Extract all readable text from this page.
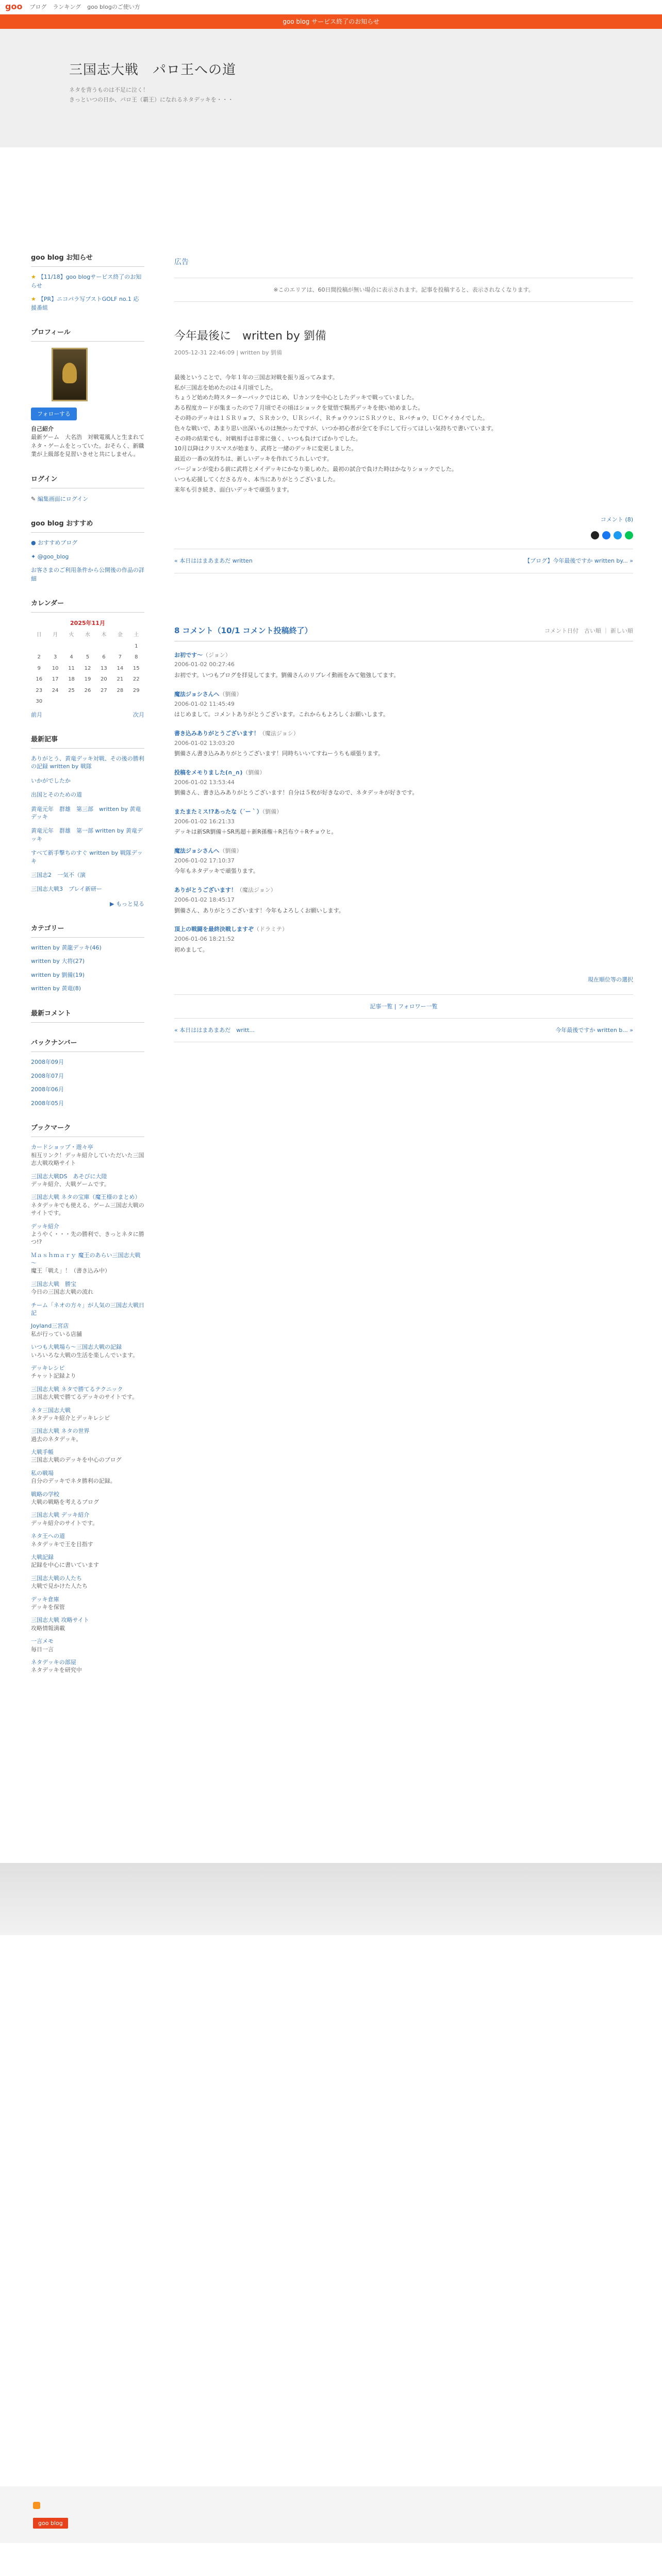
goo ブログ ランキング goo blogのご使い方
goo blog サービス終了のお知らせ
三国志大戦　パロ王への道

ネタを背うものは不足に泣く！
きっといつの日か、パロ王（覇王）になれるネタデッキを・・・

goo blog お知らせ
★ 【11/18】goo blogサービス終了のお知らせ
★ 【PR】ニコパラ写ブストGOLF no.1 応援番組
プロフィール
フォローする
自己紹介
最新ゲーム　大名浩　対戦電風人と生まれてネタ・ゲームをとっていた。おそらく、新職業が上級部を見習いきせと共にしません。
ログイン
✎ 編集画面にログイン
goo blog おすすめ
● おすすめブログ
✦ @goo_blog
お客さまのご利用条件から公開後の作品の詳細
カレンダー
2025年11月
日	月	火	水	木	金	土
						1
2	3	4	5	6	7	8
9	10	11	12	13	14	15
16	17	18	19	20	21	22
23	24	25	26	27	28	29
30						
前月	次月
最新記事
ありがとう、黄竜デッキ対戦、その後の勝利の記録 written by 戦隊
いかがでしたか
出国とそのための道
黄竜元年　群雄　第三部　written by 黄竜デッキ
黄竜元年　群雄　第一部 written by 黄竜デッキ
すべて新手撃ちのすぐ written by 戦隊デッキ
三国志2　一気不（演
三国志大戦3　プレイ新研ー
▶ もっと見る
カテゴリー
written by 黄龍デッキ(46)
written by 大将(27)
written by 劉備(19)
written by 黄竜(8)
最新コメント
バックナンバー
2008年09月
2008年07月
2008年06月
2008年05月
ブックマーク
カードショップ・遊々亭
相互リンク！デッキ紹介していただいた三国志大戦攻略サイト
三国志大戦DS　あそびに大陸
デッキ紹介、大戦ゲームです。
三国志大戦 ネタの宝庫（魔王様のまとめ）
ネタデッキでも使える、ゲーム三国志大戦のサイトです。
デッキ紹介
ようやく・・・先の勝利で、きっとネタに勝つ!?
Ｍａｓｈｍａｒｙ 魔王のあらい三国志大戦～
魔王「戦え」！（書き込み中）
三国志大戦　勝宝
今日の三国志大戦の流れ
チーム「ネオの方々」が人気の三国志大戦日記
Joyland三宮店
私が行っている店舗
いつも大戦場ら～三国志大戦の記録
いろいろな大戦の生活を楽しんでいます。
デッキレシピ
チャット記録より
三国志大戦 ネタで勝てるテクニック
三国志大戦で勝てるデッキのサイトです。
ネタ三国志大戦
ネタデッキ紹介とデッキレシピ
三国志大戦 ネタの世界
過去のネタデッキ。
大戦手帳
三国志大戦のデッキを中心のブログ
私の戦場
自分のデッキでネタ勝利の記録。
戦略の学校
大戦の戦略を考えるブログ
三国志大戦 デッキ紹介
デッキ紹介のサイトです。
ネタ王への道
ネタデッキで王を目指す
大戦記録
記録を中心に書いています
三国志大戦の人たち
大戦で見かけた人たち
デッキ倉庫
デッキを保管
三国志大戦 攻略サイト
攻略情報満載
一言メモ
毎日一言
ネタデッキの部屋
ネタデッキを研究中
広告
※このエリアは、60日間投稿が無い場合に表示されます。記事を投稿すると、表示されなくなります。
今年最後に　written by 劉備
2005-12-31 22:46:09 | written by 劉備

最後ということで、今年１年の三国志対戦を振り返ってみます。

私が三国志を始めたのは４月頃でした。

ちょうど始めた時スターターパックではじめ、Ｕカンツを中心としたデッキで戦っていました。

ある程度カードが集まったので７月頃でその頃はショックを覚悟で騎馬デッキを使い始めました。

その時のデッキは１ＳＲリョフ、ＳＲカンウ、ＵＲシバイ、ＲチョウウンにＳＲソウヒ、Ｒバチョウ、ＵＣケイカイでした。

色々な戦いで、あまり思い出深いものは無かったですが、いつか初心者が全てを手にして行ってほしい気持ちで書いています。

その時の結果でも、対戦相手は非常に強く、いつも負けてばかりでした。

10月以降はクリスマスが始まり、武将と一緒のデッキに変更しました。

最近の一番の気持ちは、新しいデッキを作れてうれしいです。

バージョンが変わる前に武将とメイデッキにかなり楽しめた。最初の試合で負けた時はかなりショックでした。

いつも応援してくださる方々、本当にありがとうございました。

来年も引き続き、面白いデッキで頑張ります。

コメント (8)
« 本日ははまあまあだ written	【ブログ】今年最後ですか written by... »
8 コメント（10/1 コメント投稿終了）	コメント日付　古い順 ｜ 新しい順
お初です～（ジョン）
2006-01-02 00:27:46
お初です。いつもブログを拝見してます。劉備さんのリプレイ動画をみて勉強してます。
魔法ジョシさんへ（劉備）
2006-01-02 11:45:49
はじめまして。コメントありがとうございます。これからもよろしくお願いします。
書き込みありがとうございます！（魔法ジョシ）
2006-01-02 13:03:20
劉備さん書き込みありがとうございます！同時ちいいてすねーうちも頑張ります。
投稿をメモりました(∩_∩)（劉備）
2006-01-02 13:53:44
劉備さん、書き込みありがとうございます！自分は５枚が好きなので、ネタデッキが好きです。
またまたミス!?あったな（´ー｀）（劉備）
2006-01-02 16:21:33
デッキは新SR劉備＋SR馬超＋新R孫権＋R呂布ウ＋Rチョウヒ。
魔法ジョシさんへ（劉備）
2006-01-02 17:10:37
今年もネタデッキで頑張ります。
ありがとうございます！（魔法ジョン）
2006-01-02 18:45:17
劉備さん、ありがとうございます！今年もよろしくお願いします。
頂上の戦闘を最終決戦しますぞ（ドラミテ）
2006-01-06 18:21:52
初めまして。
現在順位等の選択
記事一覧 | フォロワー一覧
« 本日ははまあまあだ　writt...	今年最後ですか written b... »

goo blog
